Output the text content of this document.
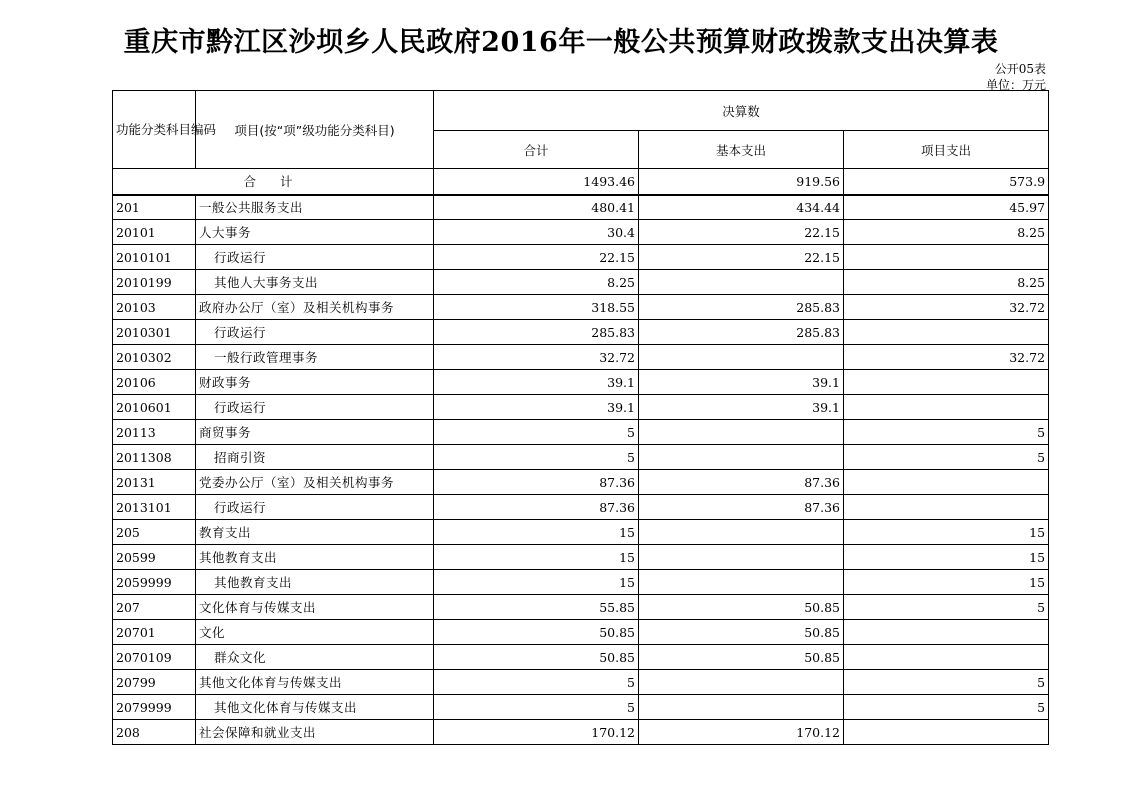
重庆市黔江区沙坝乡人民政府2016年一般公共预算财政拨款支出决算表
公开05表
单位：万元
功能分类科目编码	项目(按“项”级功能分类科目)	决算数		
		合计	基本支出	项目支出
合 计		1493.46	919.56	573.9
201	一般公共服务支出	480.41	434.44	45.97
20101	人大事务	30.4	22.15	8.25
2010101	行政运行	22.15	22.15	
2010199	其他人大事务支出	8.25		8.25
20103	政府办公厅（室）及相关机构事务	318.55	285.83	32.72
2010301	行政运行	285.83	285.83	
2010302	一般行政管理事务	32.72		32.72
20106	财政事务	39.1	39.1	
2010601	行政运行	39.1	39.1	
20113	商贸事务	5		5
2011308	招商引资	5		5
20131	党委办公厅（室）及相关机构事务	87.36	87.36	
2013101	行政运行	87.36	87.36	
205	教育支出	15		15
20599	其他教育支出	15		15
2059999	其他教育支出	15		15
207	文化体育与传媒支出	55.85	50.85	5
20701	文化	50.85	50.85	
2070109	群众文化	50.85	50.85	
20799	其他文化体育与传媒支出	5		5
2079999	其他文化体育与传媒支出	5		5
208	社会保障和就业支出	170.12	170.12	
